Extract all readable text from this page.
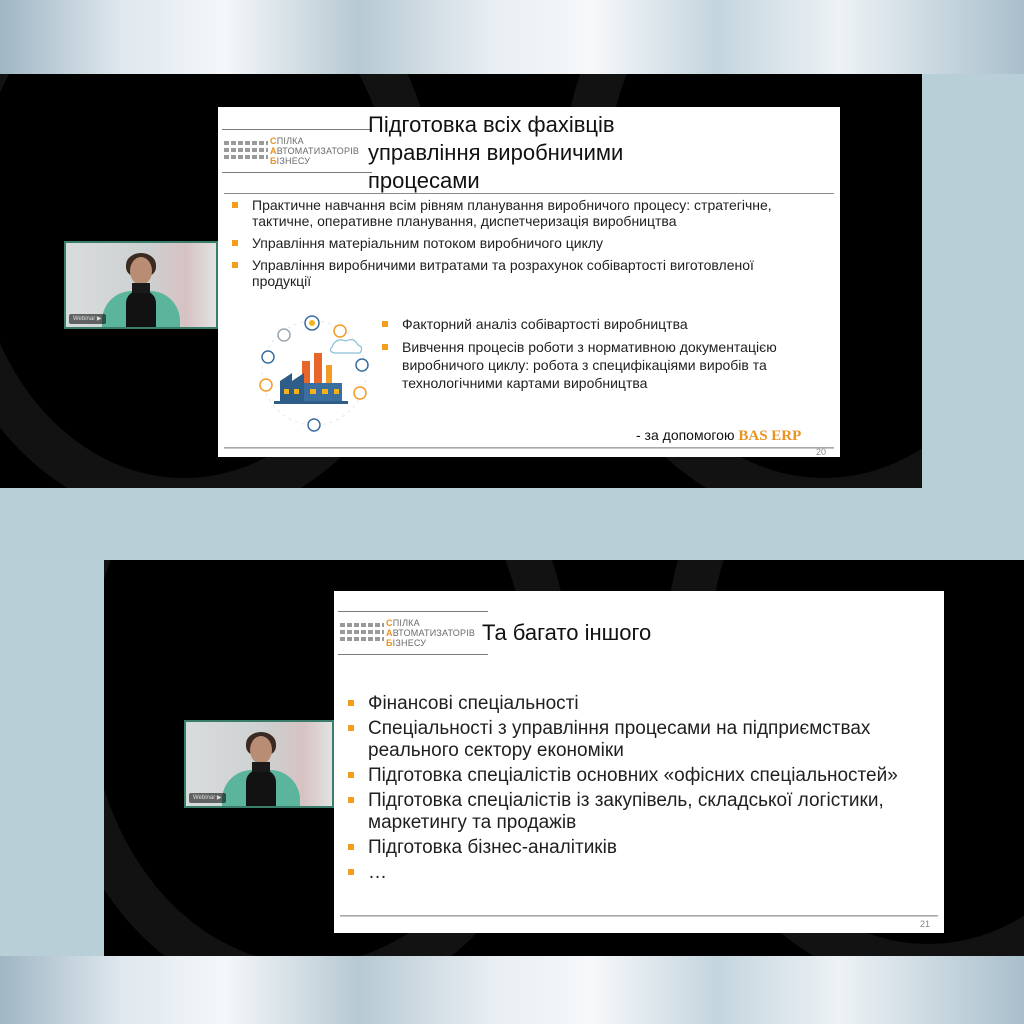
СПІЛКА
АВТОМАТИЗАТОРІВ
БІЗНЕСУ
Підготовка всіх фахівців управління виробничими процесами
Практичне навчання всім рівням планування виробничого процесу: стратегічне, тактичне, оперативне планування, диспетчеризація виробництва
Управління матеріальним потоком виробничого циклу
Управління виробничими витратами та розрахунок собівартості виготовленої продукції
Факторний аналіз собівартості виробництва
Вивчення процесів роботи з нормативною документацією виробничого циклу: робота з специфікаціями виробів та технологічними картами виробництва
- за допомогою BAS ERP
20
Webinar ▶
СПІЛКА
АВТОМАТИЗАТОРІВ
БІЗНЕСУ	Та багато іншого
Фінансові спеціальності
Спеціальності з управління процесами на підприємствах реального сектору економіки
Підготовка спеціалістів основних «офісних спеціальностей»
Підготовка спеціалістів із закупівель, складської логістики, маркетингу та продажів
Підготовка бізнес-аналітиків
…
21
Webinar ▶
